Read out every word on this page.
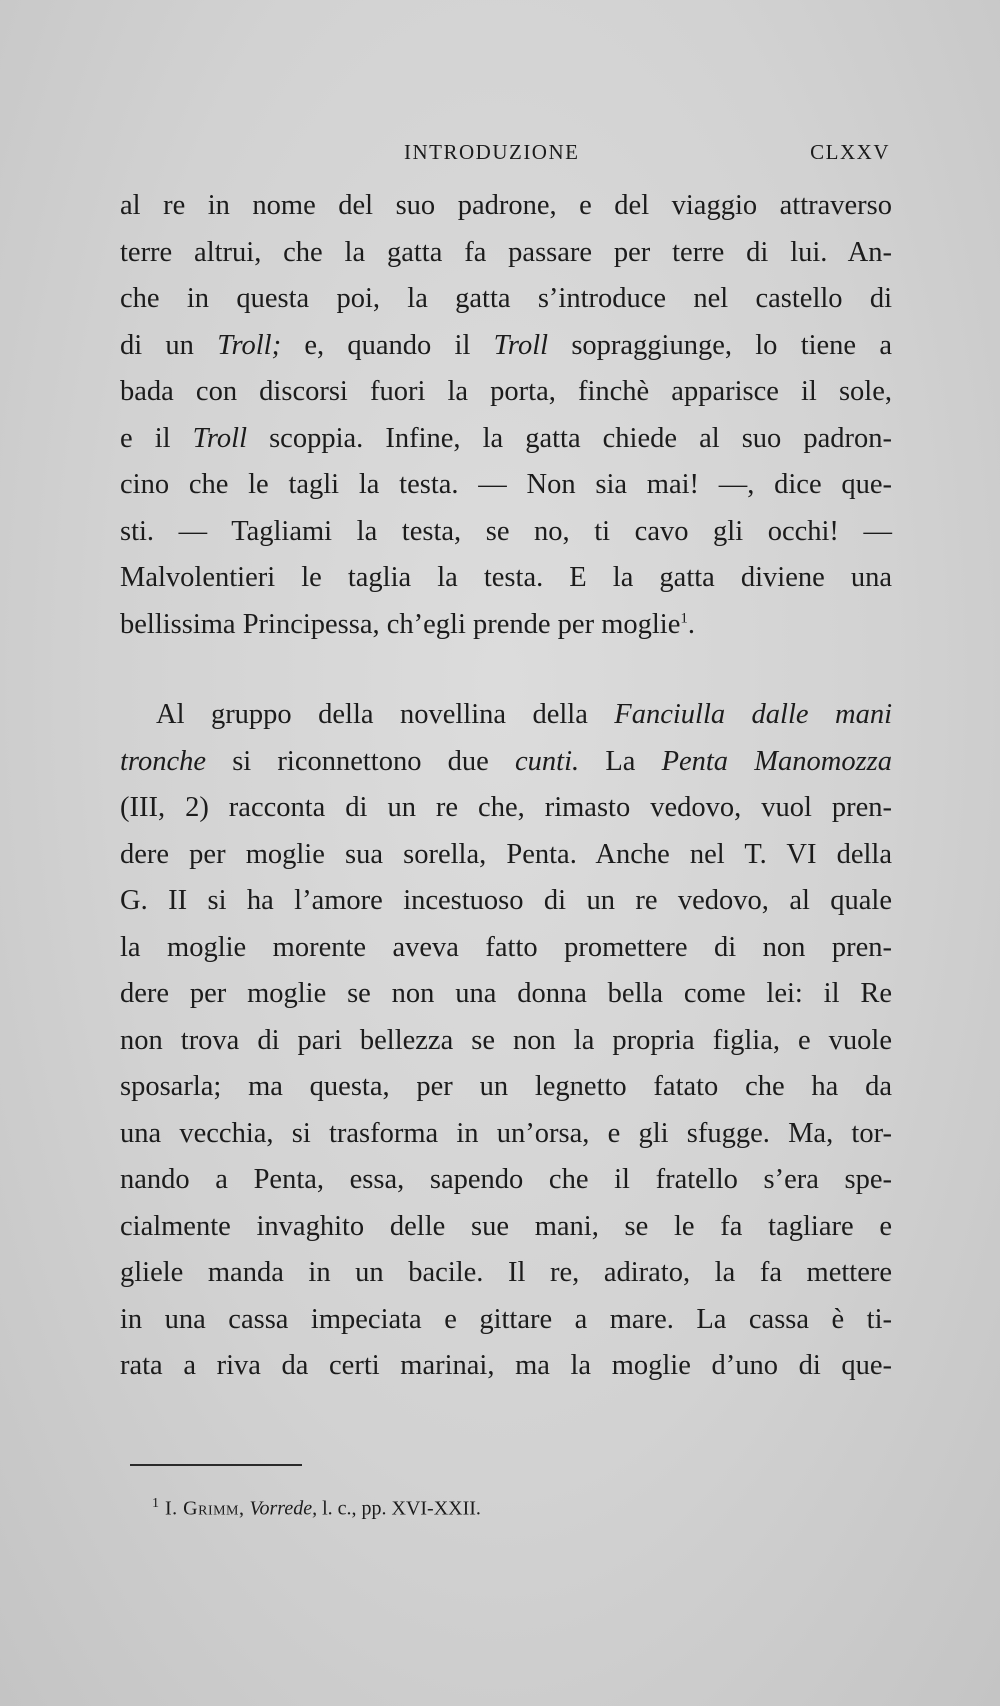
INTRODUZIONE	CLXXV

al re in nome del suo padrone, e del viaggio attraverso

terre altrui, che la gatta fa passare per terre di lui. An-

che in questa poi, la gatta s’introduce nel castello di

di un Troll; e, quando il Troll sopraggiunge, lo tiene a

bada con discorsi fuori la porta, finchè apparisce il sole,

e il Troll scoppia. Infine, la gatta chiede al suo padron-

cino che le tagli la testa. — Non sia mai! —, dice que-

sti. — Tagliami la testa, se no, ti cavo gli occhi! —

Malvolentieri le taglia la testa. E la gatta diviene una

bellissima Principessa, ch’egli prende per moglie$^1$.

Al gruppo della novellina della Fanciulla dalle mani

tronche si riconnettono due cunti. La Penta Manomozza

(III, 2) racconta di un re che, rimasto vedovo, vuol pren-

dere per moglie sua sorella, Penta. Anche nel T. VI della

G. II si ha l’amore incestuoso di un re vedovo, al quale

la moglie morente aveva fatto promettere di non pren-

dere per moglie se non una donna bella come lei: il Re

non trova di pari bellezza se non la propria figlia, e vuole

sposarla; ma questa, per un legnetto fatato che ha da

una vecchia, si trasforma in un’orsa, e gli sfugge. Ma, tor-

nando a Penta, essa, sapendo che il fratello s’era spe-

cialmente invaghito delle sue mani, se le fa tagliare e

gliele manda in un bacile. Il re, adirato, la fa mettere

in una cassa impeciata e gittare a mare. La cassa è ti-

rata a riva da certi marinai, ma la moglie d’uno di que-

$^1$ I. Grimm, Vorrede, l. c., pp. XVI-XXII.
